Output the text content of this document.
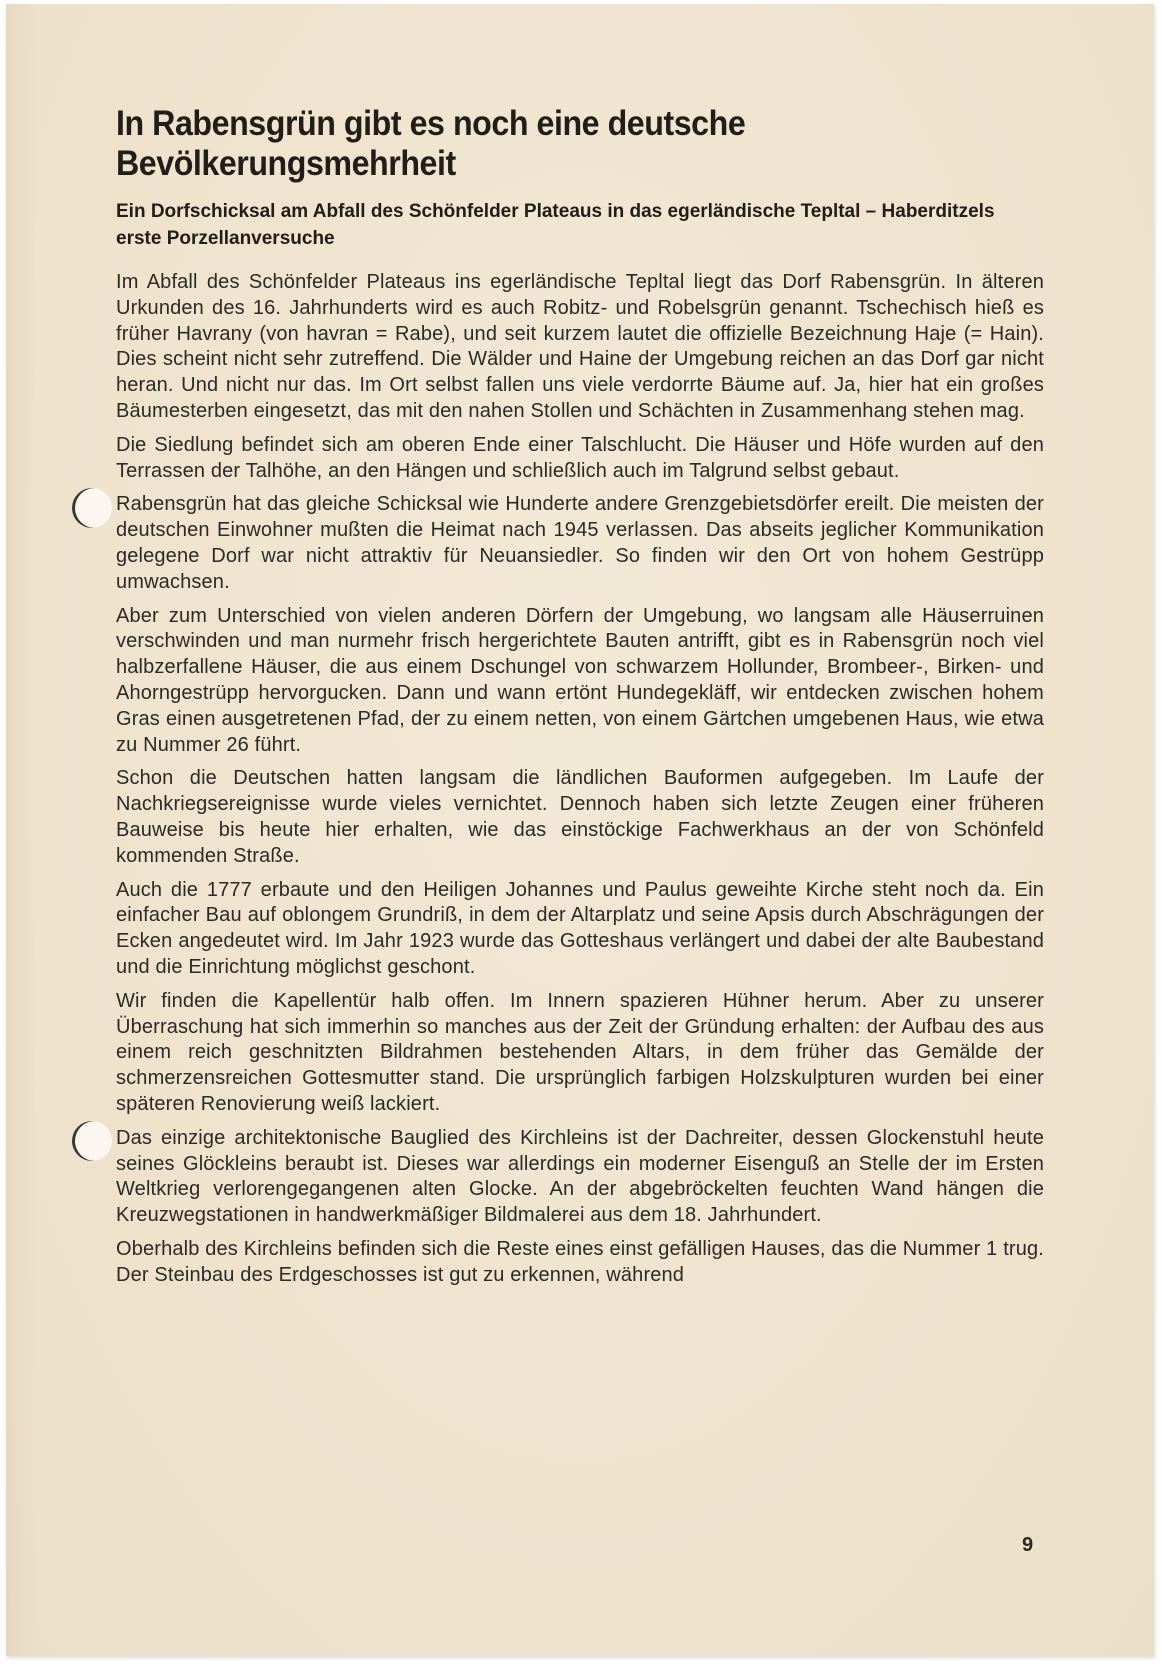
In Rabensgrün gibt es noch eine deutsche
Bevölkerungsmehrheit

Ein Dorfschicksal am Abfall des Schönfelder Plateaus in das egerländische Tepltal – Haberditzels erste Porzellanversuche

Im Abfall des Schönfelder Plateaus ins egerländische Tepltal liegt das Dorf Rabensgrün. In älteren Urkunden des 16. Jahrhunderts wird es auch Robitz- und Robelsgrün genannt. Tschechisch hieß es früher Havrany (von havran = Rabe), und seit kurzem lautet die offizielle Bezeichnung Haje (= Hain). Dies scheint nicht sehr zutreffend. Die Wälder und Haine der Umgebung reichen an das Dorf gar nicht heran. Und nicht nur das. Im Ort selbst fallen uns viele verdorrte Bäume auf. Ja, hier hat ein großes Bäumesterben eingesetzt, das mit den nahen Stollen und Schächten in Zusammenhang stehen mag.

Die Siedlung befindet sich am oberen Ende einer Talschlucht. Die Häuser und Höfe wurden auf den Terrassen der Talhöhe, an den Hängen und schließlich auch im Talgrund selbst gebaut.

Rabensgrün hat das gleiche Schicksal wie Hunderte andere Grenzgebietsdörfer ereilt. Die meisten der deutschen Einwohner mußten die Heimat nach 1945 verlassen. Das abseits jeglicher Kommunikation gelegene Dorf war nicht attraktiv für Neuansiedler. So finden wir den Ort von hohem Gestrüpp umwachsen.

Aber zum Unterschied von vielen anderen Dörfern der Umgebung, wo langsam alle Häuserruinen verschwinden und man nurmehr frisch hergerichtete Bauten antrifft, gibt es in Rabensgrün noch viel halbzerfallene Häuser, die aus einem Dschungel von schwarzem Hollunder, Brombeer-, Birken- und Ahorngestrüpp hervorgucken. Dann und wann ertönt Hundegekläff, wir entdecken zwischen hohem Gras einen ausgetretenen Pfad, der zu einem netten, von einem Gärtchen umgebenen Haus, wie etwa zu Nummer 26 führt.

Schon die Deutschen hatten langsam die ländlichen Bauformen aufgegeben. Im Laufe der Nachkriegsereignisse wurde vieles vernichtet. Dennoch haben sich letzte Zeugen einer früheren Bauweise bis heute hier erhalten, wie das einstöckige Fachwerkhaus an der von Schönfeld kommenden Straße.

Auch die 1777 erbaute und den Heiligen Johannes und Paulus geweihte Kirche steht noch da. Ein einfacher Bau auf oblongem Grundriß, in dem der Altarplatz und seine Apsis durch Abschrägungen der Ecken angedeutet wird. Im Jahr 1923 wurde das Gotteshaus verlängert und dabei der alte Baubestand und die Einrichtung möglichst geschont.

Wir finden die Kapellentür halb offen. Im Innern spazieren Hühner herum. Aber zu unserer Überraschung hat sich immerhin so manches aus der Zeit der Gründung erhalten: der Aufbau des aus einem reich geschnitzten Bildrahmen bestehenden Altars, in dem früher das Gemälde der schmerzensreichen Gottesmutter stand. Die ursprünglich farbigen Holzskulpturen wurden bei einer späteren Renovierung weiß lackiert.

Das einzige architektonische Bauglied des Kirchleins ist der Dachreiter, dessen Glockenstuhl heute seines Glöckleins beraubt ist. Dieses war allerdings ein moderner Eisenguß an Stelle der im Ersten Weltkrieg verlorengegangenen alten Glocke. An der abgebröckelten feuchten Wand hängen die Kreuzwegstationen in handwerkmäßiger Bildmalerei aus dem 18. Jahrhundert.

Oberhalb des Kirchleins befinden sich die Reste eines einst gefälligen Hauses, das die Nummer 1 trug. Der Steinbau des Erdgeschosses ist gut zu erkennen, während

9
